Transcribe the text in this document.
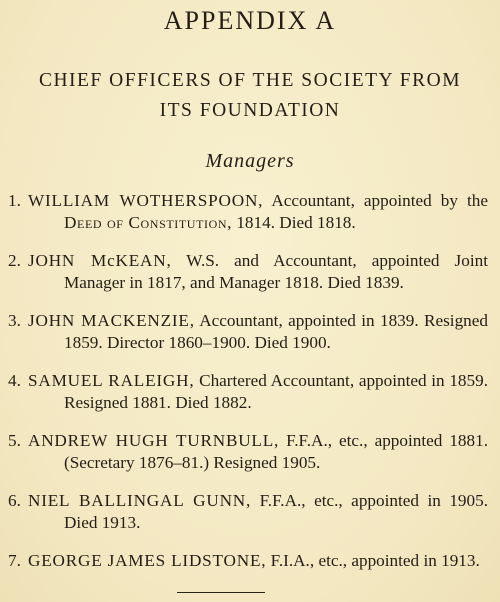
APPENDIX A
CHIEF OFFICERS OF THE SOCIETY FROM
ITS FOUNDATION
Managers
1. WILLIAM WOTHERSPOON, Accountant, appointed by the Deed of Constitution, 1814. Died 1818.
2. JOHN McKEAN, W.S. and Accountant, appointed Joint Manager in 1817, and Manager 1818. Died 1839.
3. JOHN MACKENZIE, Accountant, appointed in 1839. Resigned 1859. Director 1860–1900. Died 1900.
4. SAMUEL RALEIGH, Chartered Accountant, appointed in 1859. Resigned 1881. Died 1882.
5. ANDREW HUGH TURNBULL, F.F.A., etc., appointed 1881. (Secretary 1876–81.) Resigned 1905.
6. NIEL BALLINGAL GUNN, F.F.A., etc., appointed in 1905. Died 1913.
7. GEORGE JAMES LIDSTONE, F.I.A., etc., appointed in 1913.
